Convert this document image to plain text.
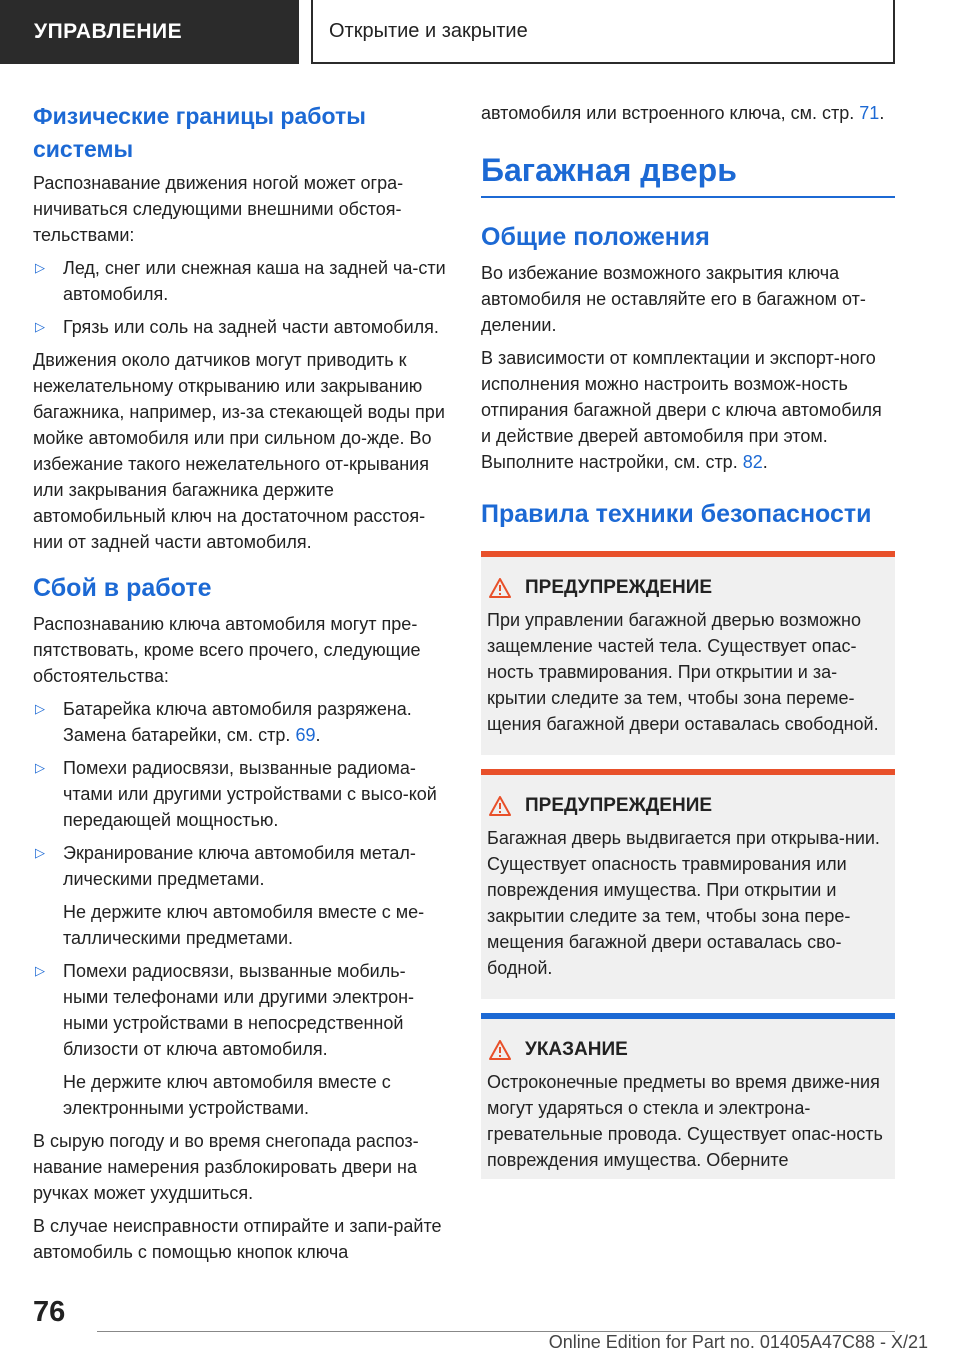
УПРАВЛЕНИЕ	Открытие и закрытие
Физические границы работы системы

Распознавание движения ногой может огра-ничиваться следующими внешними обстоя-тельствами:

▷	Лед, снег или снежная каша на задней ча-сти автомобиля.
▷	Грязь или соль на задней части автомобиля.

Движения около датчиков могут приводить к нежелательному открыванию или закрыванию багажника, например, из-за стекающей воды при мойке автомобиля или при сильном до-жде. Во избежание такого нежелательного от-крывания или закрывания багажника держите автомобильный ключ на достаточном расстоя-нии от задней части автомобиля.

Сбой в работе

Распознаванию ключа автомобиля могут пре-пятствовать, кроме всего прочего, следующие обстоятельства:

▷	Батарейка ключа автомобиля разряжена. Замена батарейки, см. стр. 69.
▷	Помехи радиосвязи, вызванные радиома-чтами или другими устройствами с высо-кой передающей мощностью.
▷	Экранирование ключа автомобиля метал-лическими предметами.

Не держите ключ автомобиля вместе с ме-таллическими предметами.

▷	Помехи радиосвязи, вызванные мобиль-ными телефонами или другими электрон-ными устройствами в непосредственной близости от ключа автомобиля.

Не держите ключ автомобиля вместе с электронными устройствами.

В сырую погоду и во время снегопада распоз-навание намерения разблокировать двери на ручках может ухудшиться.

В случае неисправности отпирайте и запи-райте автомобиль с помощью кнопок ключа

автомобиля или встроенного ключа, см. стр. 71.

Багажная дверь
Общие положения

Во избежание возможного закрытия ключа автомобиля не оставляйте его в багажном от-делении.

В зависимости от комплектации и экспорт-ного исполнения можно настроить возмож-ность отпирания багажной двери с ключа автомобиля и действие дверей автомобиля при этом. Выполните настройки, см. стр. 82.

Правила техники безопасности
ПРЕДУПРЕЖДЕНИЕ

При управлении багажной дверью возможно защемление частей тела. Существует опас-ность травмирования. При открытии и за-крытии следите за тем, чтобы зона переме-щения багажной двери оставалась свободной.

ПРЕДУПРЕЖДЕНИЕ

Багажная дверь выдвигается при открыва-нии. Существует опасность травмирования или повреждения имущества. При открытии и закрытии следите за тем, чтобы зона пере-мещения багажной двери оставалась сво-бодной.

УКАЗАНИЕ

Остроконечные предметы во время движе-ния могут ударяться о стекла и электрона-гревательные провода. Существует опас-ность повреждения имущества. Оберните

76
Online Edition for Part no. 01405A47C88 - X/21
